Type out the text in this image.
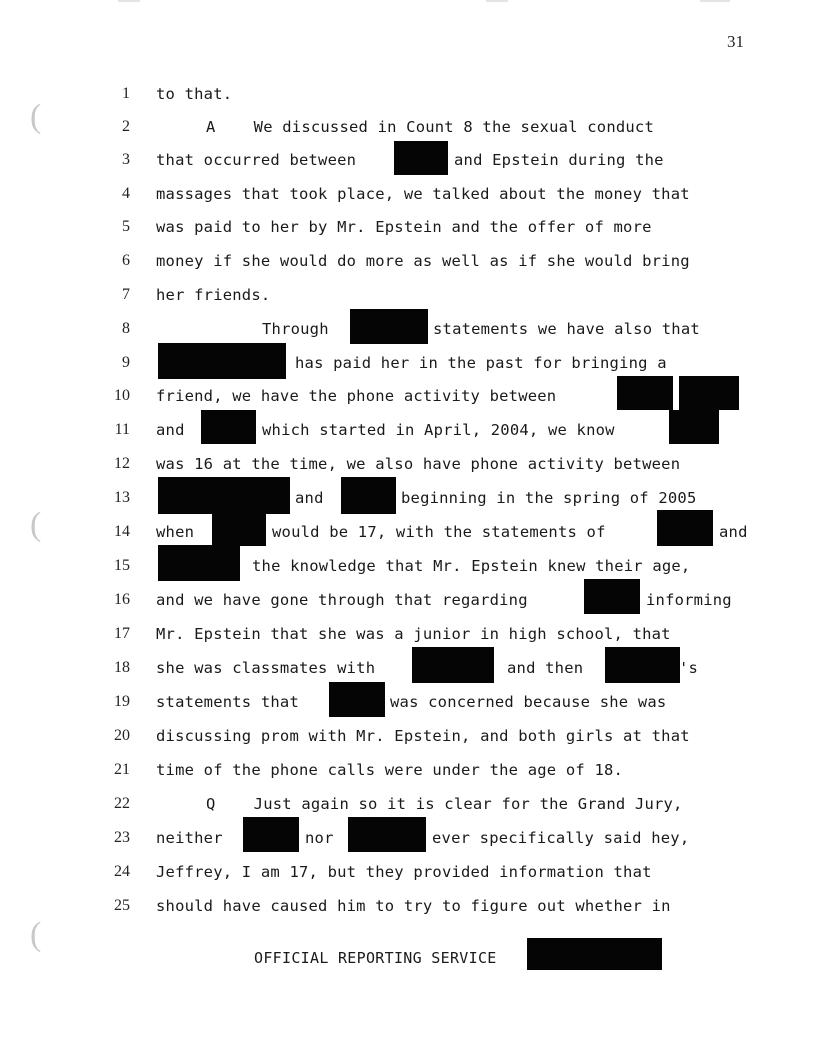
(
(
(
31
1 to that.
2	A    We discussed in Count 8 the sexual conduct
3 that occurred between	and Epstein during the
4 massages that took place, we talked about the money that
5 was paid to her by Mr. Epstein and the offer of more
6 money if she would do more as well as if she would bring
7 her friends.
8	Through	statements we have also that
9	has paid her in the past for bringing a
10 friend, we have the phone activity between
11 and	which started in April, 2004, we know
12 was 16 at the time, we also have phone activity between
13	and	beginning in the spring of 2005
14 when	would be 17, with the statements of	and
15	the knowledge that Mr. Epstein knew their age,
16 and we have gone through that regarding	informing
17 Mr. Epstein that she was a junior in high school, that
18 she was classmates with	and then	's
19 statements that	was concerned because she was
20 discussing prom with Mr. Epstein, and both girls at that
21 time of the phone calls were under the age of 18.
22	Q    Just again so it is clear for the Grand Jury,
23 neither	nor	ever specifically said hey,
24 Jeffrey, I am 17, but they provided information that
25 should have caused him to try to figure out whether in
OFFICIAL REPORTING SERVICE
